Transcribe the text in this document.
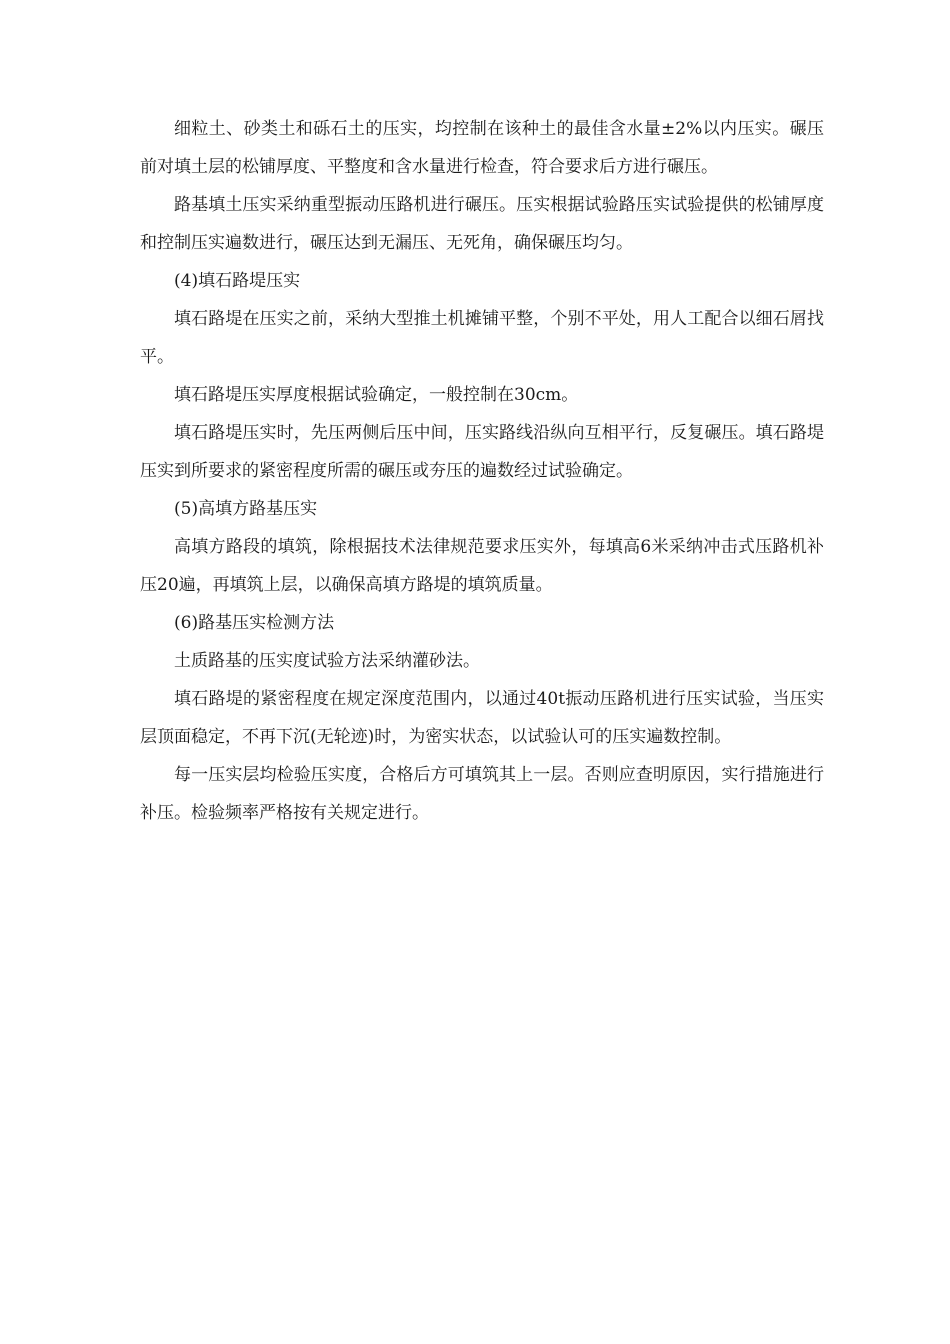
细粒土、砂类土和砾石土的压实，均控制在该种土的最佳含水量±2%以内压实。碾压前对填土层的松铺厚度、平整度和含水量进行检查，符合要求后方进行碾压。

路基填土压实采纳重型振动压路机进行碾压。压实根据试验路压实试验提供的松铺厚度和控制压实遍数进行，碾压达到无漏压、无死角，确保碾压均匀。

(4)填石路堤压实

填石路堤在压实之前，采纳大型推土机摊铺平整，个别不平处，用人工配合以细石屑找平。

填石路堤压实厚度根据试验确定，一般控制在30cm。

填石路堤压实时，先压两侧后压中间，压实路线沿纵向互相平行，反复碾压。填石路堤压实到所要求的紧密程度所需的碾压或夯压的遍数经过试验确定。

(5)高填方路基压实

高填方路段的填筑，除根据技术法律规范要求压实外，每填高6米采纳冲击式压路机补压20遍，再填筑上层，以确保高填方路堤的填筑质量。

(6)路基压实检测方法

土质路基的压实度试验方法采纳灌砂法。

填石路堤的紧密程度在规定深度范围内，以通过40t振动压路机进行压实试验，当压实层顶面稳定，不再下沉(无轮迹)时，为密实状态，以试验认可的压实遍数控制。

每一压实层均检验压实度，合格后方可填筑其上一层。否则应查明原因，实行措施进行补压。检验频率严格按有关规定进行。
